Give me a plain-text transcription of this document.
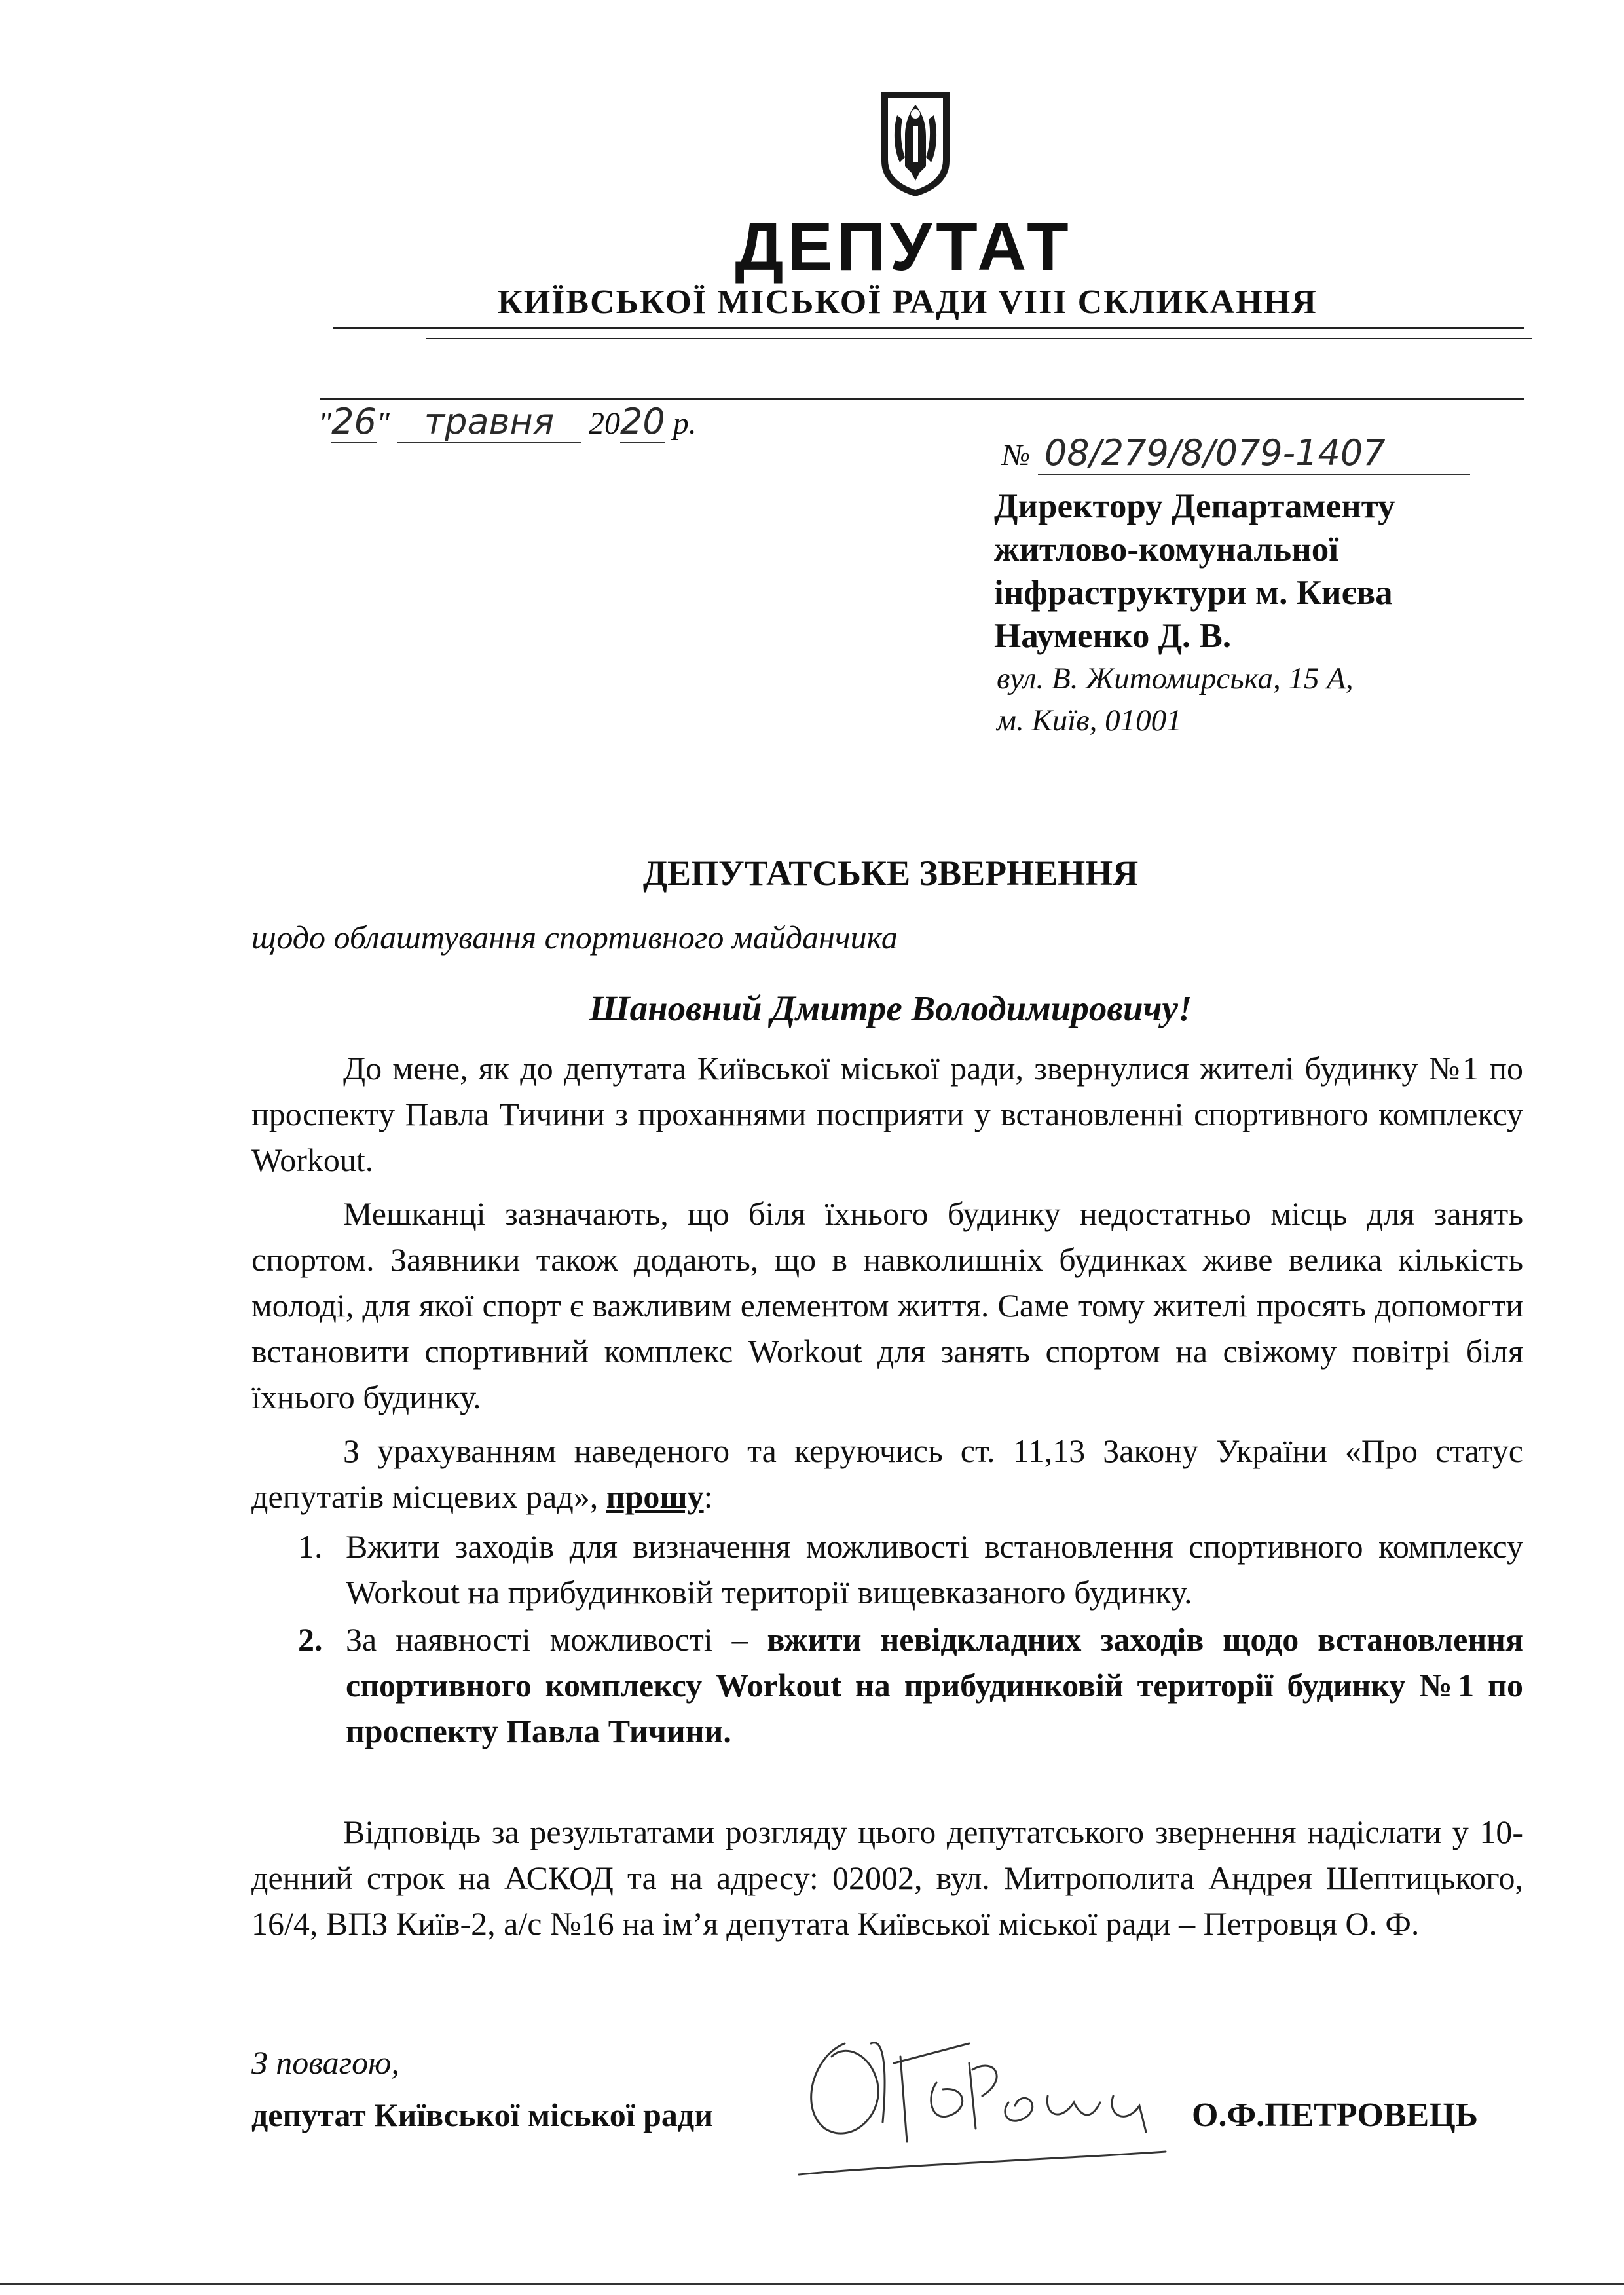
ДЕПУТАТ
КИЇВСЬКОЇ МІСЬКОЇ РАДИ VIII СКЛИКАННЯ
"26" травня 2020 р.
№ 08/279/8/079-1407
Директору Департаменту
житлово-комунальної
інфраструктури м. Києва
Науменко Д. В.
вул. В. Житомирська, 15 А,
м. Київ, 01001
ДЕПУТАТСЬКЕ ЗВЕРНЕННЯ
щодо облаштування спортивного майданчика
Шановний Дмитре Володимировичу!
До мене, як до депутата Київської міської ради, звернулися жителі будинку №1 по проспекту Павла Тичини з проханнями посприяти у встановленні спортивного комплексу Workout.
Мешканці зазначають, що біля їхнього будинку недостатньо місць для занять спортом. Заявники також додають, що в навколишніх будинках живе велика кількість молоді, для якої спорт є важливим елементом життя. Саме тому жителі просять допомогти встановити спортивний комплекс Workout для занять спортом на свіжому повітрі біля їхнього будинку.
З урахуванням наведеного та керуючись ст. 11,13 Закону України «Про статус депутатів місцевих рад», прошу:
1. Вжити заходів для визначення можливості встановлення спортивного комплексу Workout на прибудинковій території вищевказаного будинку.
2. За наявності можливості – вжити невідкладних заходів щодо встановлення спортивного комплексу Workout на прибудинковій території будинку №1 по проспекту Павла Тичини.
Відповідь за результатами розгляду цього депутатського звернення надіслати у 10-денний строк на АСКОД та на адресу: 02002, вул. Митрополита Андрея Шептицького, 16/4, ВПЗ Київ-2, а/с №16 на ім’я депутата Київської міської ради – Петровця О. Ф.
З повагою,
депутат Київської міської ради	О.Ф.ПЕТРОВЕЦЬ
